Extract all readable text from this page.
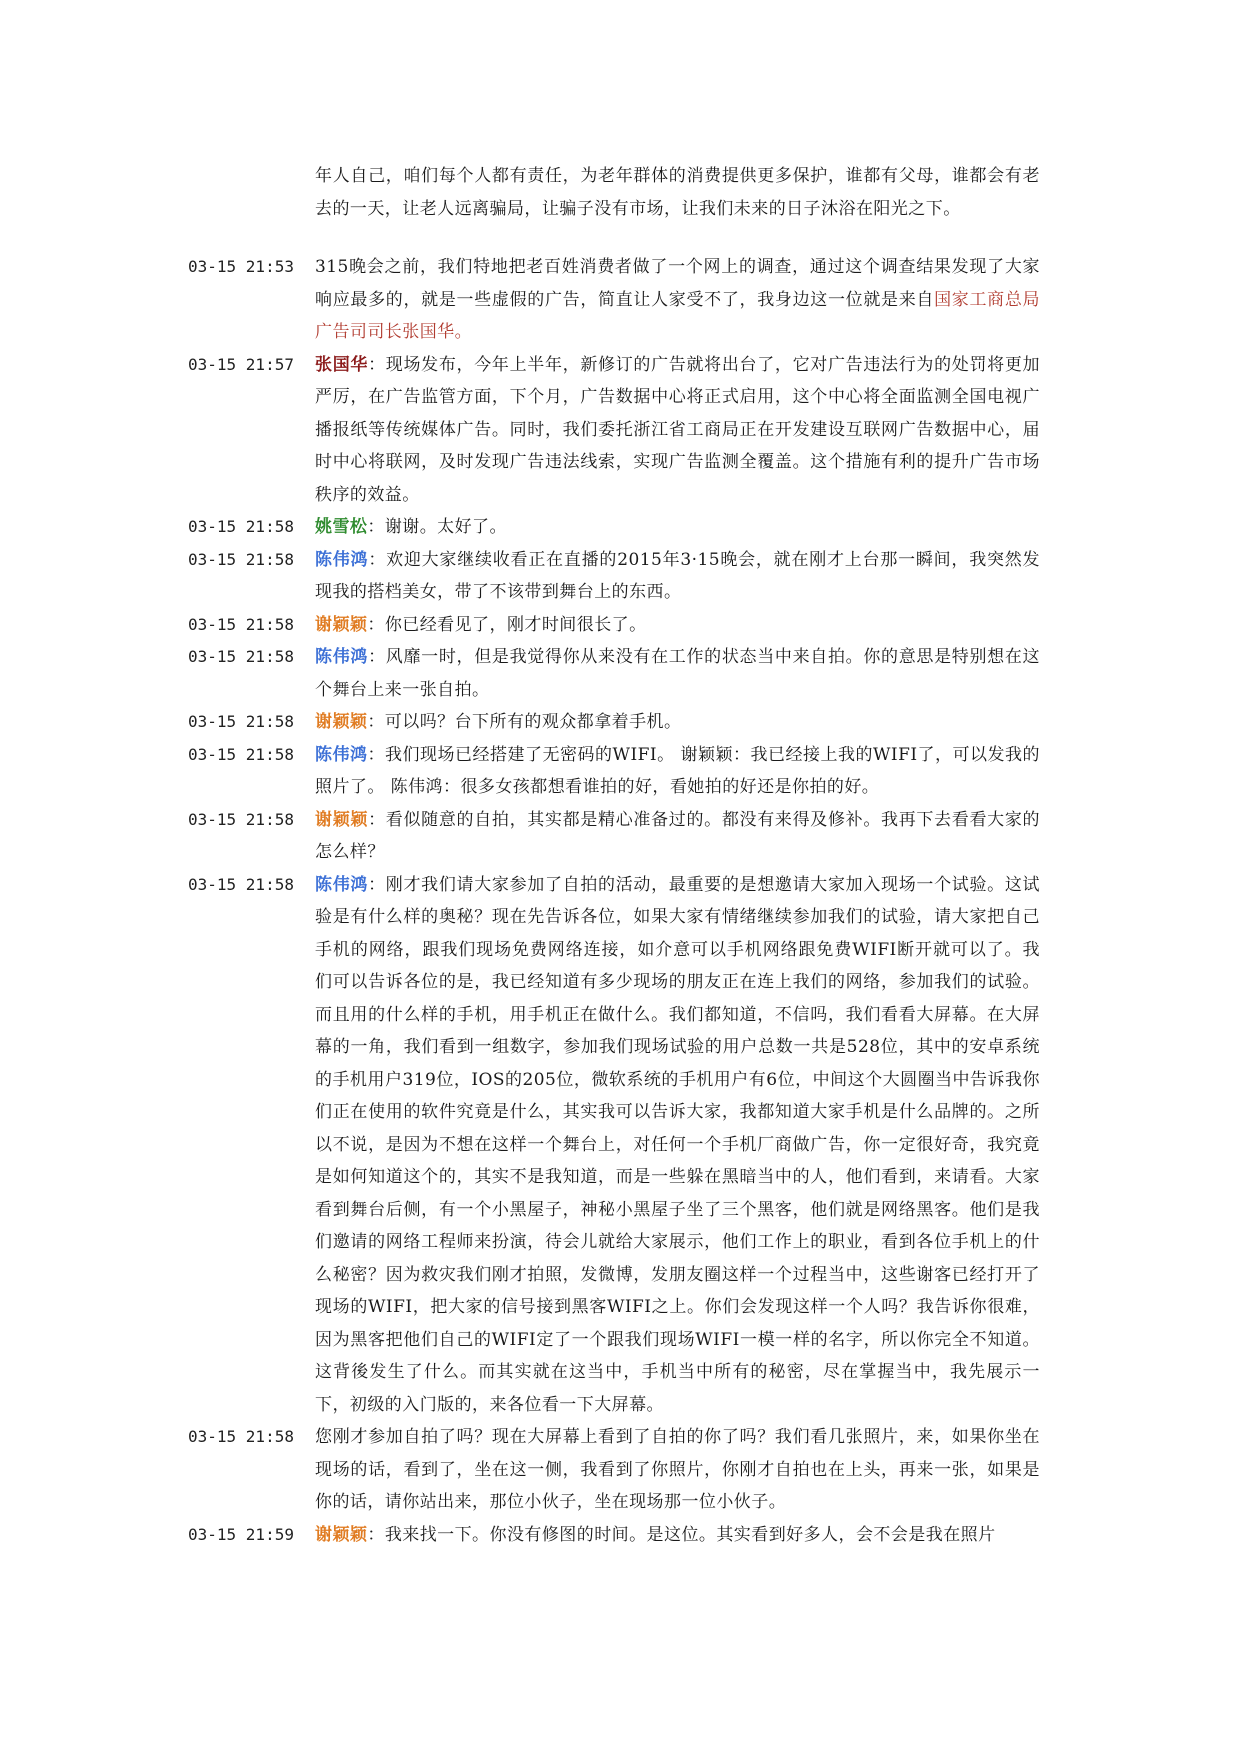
年人自己，咱们每个人都有责任，为老年群体的消费提供更多保护，谁都有父母，谁都会有老去的一天，让老人远离骗局，让骗子没有市场，让我们未来的日子沐浴在阳光之下。
03-15 21:53	315晚会之前，我们特地把老百姓消费者做了一个网上的调查，通过这个调查结果发现了大家响应最多的，就是一些虚假的广告，简直让人家受不了，我身边这一位就是来自国家工商总局广告司司长张国华。
03-15 21:57	张国华：现场发布，今年上半年，新修订的广告就将出台了，它对广告违法行为的处罚将更加严厉，在广告监管方面，下个月，广告数据中心将正式启用，这个中心将全面监测全国电视广播报纸等传统媒体广告。同时，我们委托浙江省工商局正在开发建设互联网广告数据中心，届时中心将联网，及时发现广告违法线索，实现广告监测全覆盖。这个措施有利的提升广告市场秩序的效益。
03-15 21:58	姚雪松：谢谢。太好了。
03-15 21:58	陈伟鸿：欢迎大家继续收看正在直播的2015年3·15晚会，就在刚才上台那一瞬间，我突然发现我的搭档美女，带了不该带到舞台上的东西。
03-15 21:58	谢颖颖：你已经看见了，刚才时间很长了。
03-15 21:58	陈伟鸿：风靡一时，但是我觉得你从来没有在工作的状态当中来自拍。你的意思是特别想在这个舞台上来一张自拍。
03-15 21:58	谢颖颖：可以吗？台下所有的观众都拿着手机。
03-15 21:58	陈伟鸿：我们现场已经搭建了无密码的WIFI。 谢颖颖：我已经接上我的WIFI了，可以发我的照片了。 陈伟鸿：很多女孩都想看谁拍的好，看她拍的好还是你拍的好。
03-15 21:58	谢颖颖：看似随意的自拍，其实都是精心准备过的。都没有来得及修补。我再下去看看大家的怎么样？
03-15 21:58	陈伟鸿：刚才我们请大家参加了自拍的活动，最重要的是想邀请大家加入现场一个试验。这试验是有什么样的奥秘？现在先告诉各位，如果大家有情绪继续参加我们的试验，请大家把自己手机的网络，跟我们现场免费网络连接，如介意可以手机网络跟免费WIFI断开就可以了。我们可以告诉各位的是，我已经知道有多少现场的朋友正在连上我们的网络，参加我们的试验。而且用的什么样的手机，用手机正在做什么。我们都知道，不信吗，我们看看大屏幕。在大屏幕的一角，我们看到一组数字，参加我们现场试验的用户总数一共是528位，其中的安卓系统的手机用户319位，IOS的205位，微软系统的手机用户有6位，中间这个大圆圈当中告诉我你们正在使用的软件究竟是什么，其实我可以告诉大家，我都知道大家手机是什么品牌的。之所以不说，是因为不想在这样一个舞台上，对任何一个手机厂商做广告，你一定很好奇，我究竟是如何知道这个的，其实不是我知道，而是一些躲在黑暗当中的人，他们看到，来请看。大家看到舞台后侧，有一个小黑屋子，神秘小黑屋子坐了三个黑客，他们就是网络黑客。他们是我们邀请的网络工程师来扮演，待会儿就给大家展示，他们工作上的职业，看到各位手机上的什么秘密？因为救灾我们刚才拍照，发微博，发朋友圈这样一个过程当中，这些谢客已经打开了现场的WIFI，把大家的信号接到黑客WIFI之上。你们会发现这样一个人吗？我告诉你很难，因为黑客把他们自己的WIFI定了一个跟我们现场WIFI一模一样的名字，所以你完全不知道。这背後发生了什么。而其实就在这当中，手机当中所有的秘密，尽在掌握当中，我先展示一下，初级的入门版的，来各位看一下大屏幕。
03-15 21:58	您刚才参加自拍了吗？现在大屏幕上看到了自拍的你了吗？我们看几张照片，来，如果你坐在现场的话，看到了，坐在这一侧，我看到了你照片，你刚才自拍也在上头，再来一张，如果是你的话，请你站出来，那位小伙子，坐在现场那一位小伙子。
03-15 21:59	谢颖颖：我来找一下。你没有修图的时间。是这位。其实看到好多人，会不会是我在照片
